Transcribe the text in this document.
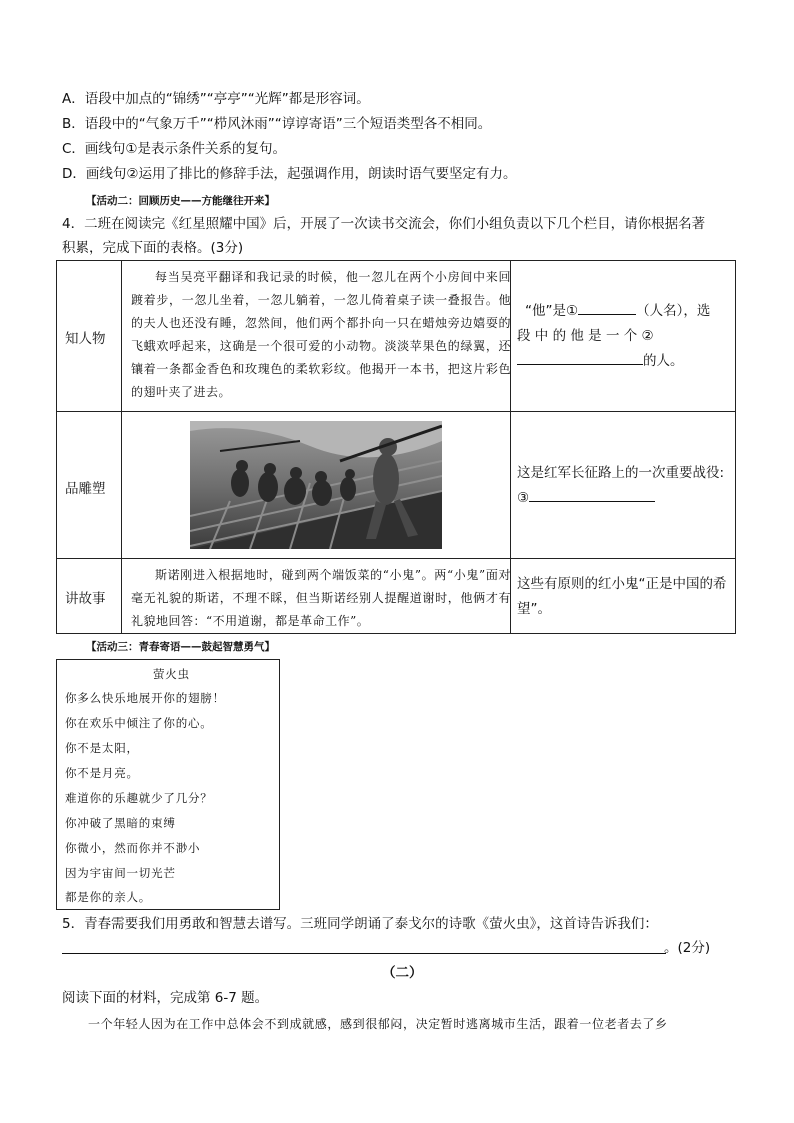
A．语段中加点的“锦绣”“亭亭”“光辉”都是形容词。
B．语段中的“气象万千”“栉风沐雨”“谆谆寄语”三个短语类型各不相同。
C．画线句①是表示条件关系的复句。
D．画线句②运用了排比的修辞手法，起强调作用，朗读时语气要坚定有力。
【活动二：回顾历史——方能继往开来】
4．二班在阅读完《红星照耀中国》后，开展了一次读书交流会，你们小组负责以下几个栏目，请你根据名著
积累，完成下面的表格。(3分)
知人物
每当吴亮平翻译和我记录的时候，他一忽儿在两个小房间中来回踱着步，一忽儿坐着，一忽儿躺着，一忽儿倚着桌子读一叠报告。他的夫人也还没有睡，忽然间，他们两个都扑向一只在蜡烛旁边嬉耍的飞蛾欢呼起来，这确是一个很可爱的小动物。淡淡苹果色的绿翼，还镶着一条都金香色和玫瑰色的柔软彩纹。他揭开一本书，把这片彩色的翅叶夹了进去。
“他”是①	（人名），选
段 中 的 他 是 一 个 ②
的人。
品雕塑
这是红军长征路上的一次重要战役:
③
讲故事
斯诺刚进入根据地时，碰到两个端饭菜的“小鬼”。两“小鬼”面对毫无礼貌的斯诺，不理不睬，但当斯诺经别人提醒道谢时，他俩才有礼貌地回答：“不用道谢，都是革命工作”。
这些有原则的红小鬼“正是中国的希望”。
【活动三：青春寄语——鼓起智慧勇气】
萤火虫
你多么快乐地展开你的翅膀！
你在欢乐中倾注了你的心。
你不是太阳，
你不是月亮。
难道你的乐趣就少了几分？
你冲破了黑暗的束缚
你微小，然而你并不渺小
因为宇宙间一切光芒
都是你的亲人。
5．青春需要我们用勇敢和智慧去谱写。三班同学朗诵了泰戈尔的诗歌《萤火虫》，这首诗告诉我们：
。(2分)
（二）
阅读下面的材料，完成第 6-7 题。
一个年轻人因为在工作中总体会不到成就感，感到很郁闷，决定暂时逃离城市生活，跟着一位老者去了乡
